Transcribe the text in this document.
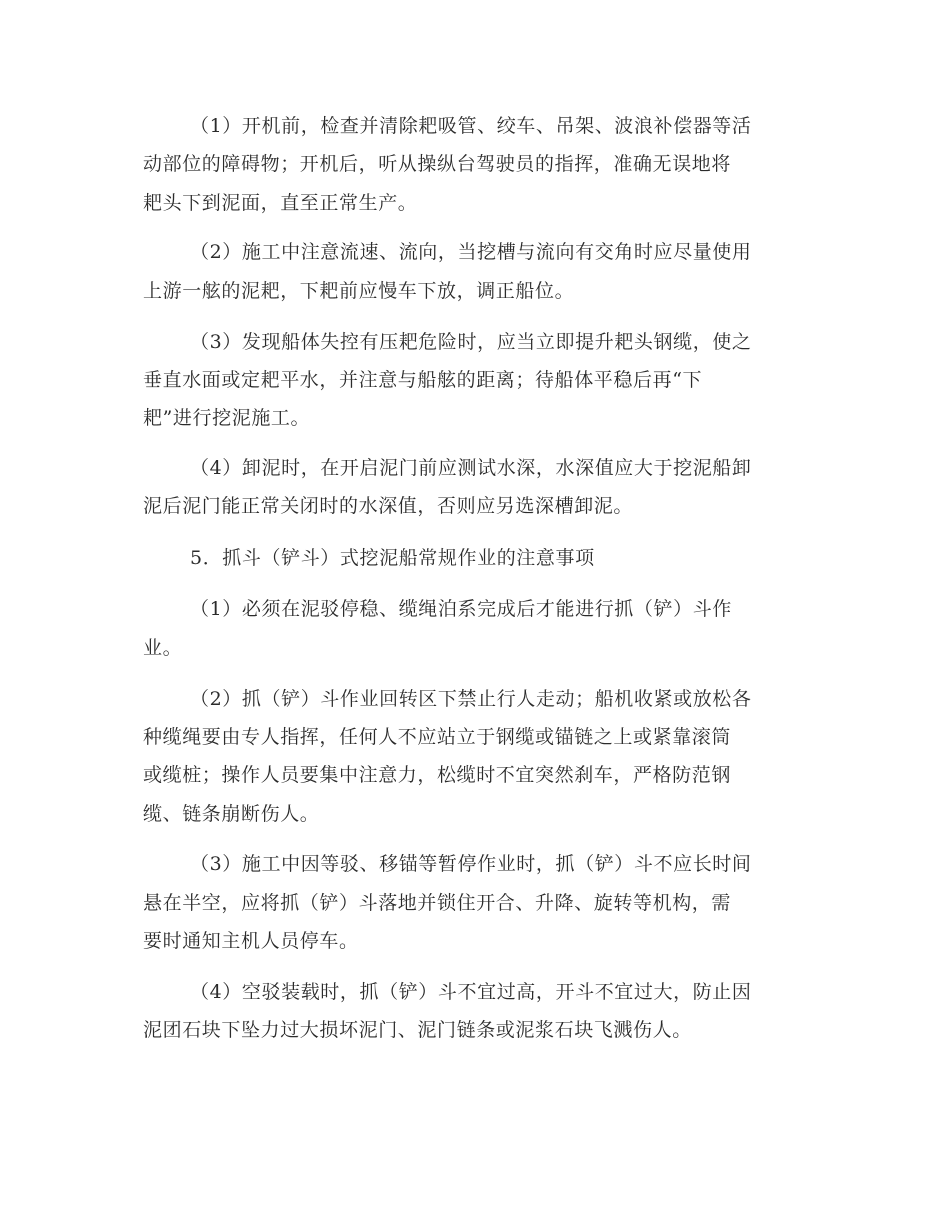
（1）开机前，检查并清除耙吸管、绞车、吊架、波浪补偿器等活
动部位的障碍物；开机后，听从操纵台驾驶员的指挥，准确无误地将
耙头下到泥面，直至正常生产。
（2）施工中注意流速、流向，当挖槽与流向有交角时应尽量使用
上游一舷的泥耙，下耙前应慢车下放，调正船位。
（3）发现船体失控有压耙危险时，应当立即提升耙头钢缆，使之
垂直水面或定耙平水，并注意与船舷的距离；待船体平稳后再“下
耙”进行挖泥施工。
（4）卸泥时，在开启泥门前应测试水深，水深值应大于挖泥船卸
泥后泥门能正常关闭时的水深值，否则应另选深槽卸泥。
5．抓斗（铲斗）式挖泥船常规作业的注意事项
（1）必须在泥驳停稳、缆绳泊系完成后才能进行抓（铲）斗作
业。
（2）抓（铲）斗作业回转区下禁止行人走动；船机收紧或放松各
种缆绳要由专人指挥，任何人不应站立于钢缆或锚链之上或紧靠滚筒
或缆桩；操作人员要集中注意力，松缆时不宜突然刹车，严格防范钢
缆、链条崩断伤人。
（3）施工中因等驳、移锚等暂停作业时，抓（铲）斗不应长时间
悬在半空，应将抓（铲）斗落地并锁住开合、升降、旋转等机构，需
要时通知主机人员停车。
（4）空驳装载时，抓（铲）斗不宜过高，开斗不宜过大，防止因
泥团石块下坠力过大损坏泥门、泥门链条或泥浆石块飞溅伤人。
